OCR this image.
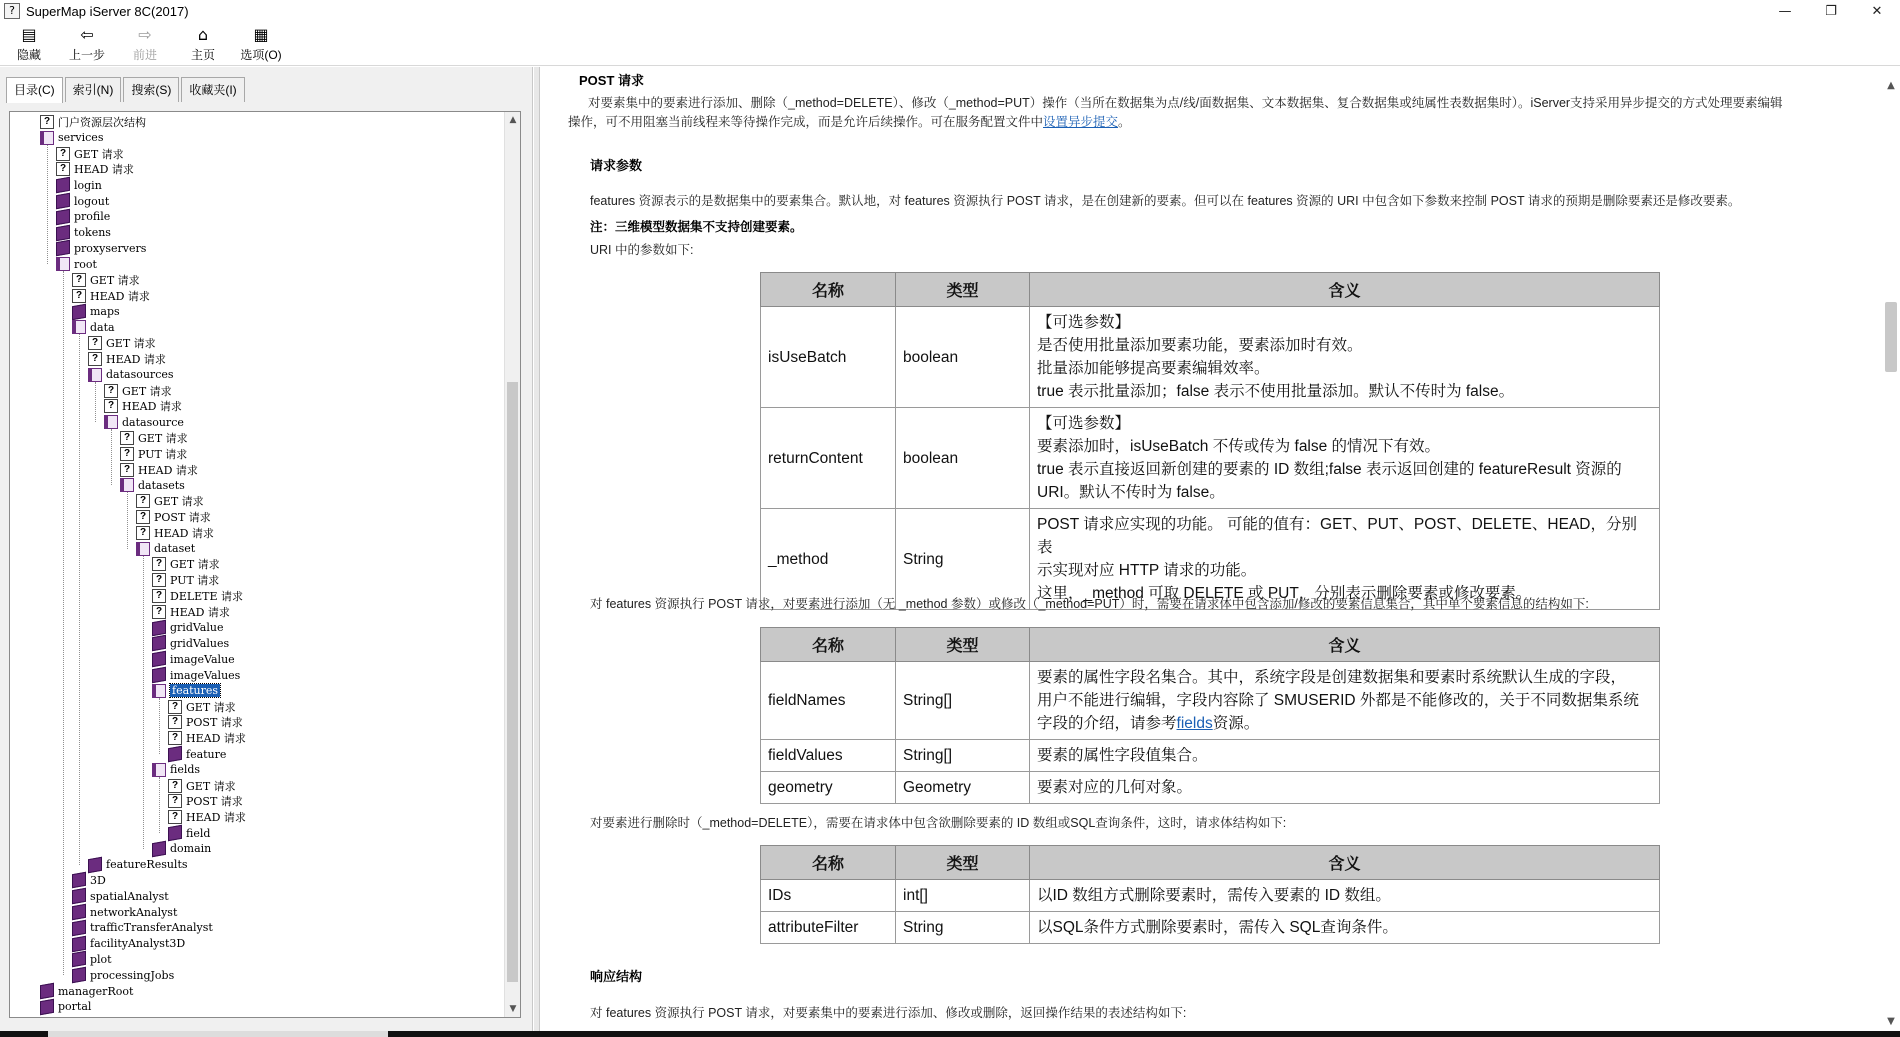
? SuperMap iServer 8C(2017)	—	❐	✕
▤
隐藏
⇦
上一步
⇨
前进
⌂
主页
▦
选项(O)
目录(C)	索引(N)	搜索(S)	收藏夹(I)
? 门户资源层次结构
services
? GET 请求
? HEAD 请求
login
logout
profile
tokens
proxyservers
root
? GET 请求
? HEAD 请求
maps
data
? GET 请求
? HEAD 请求
datasources
? GET 请求
? HEAD 请求
datasource
? GET 请求
? PUT 请求
? HEAD 请求
datasets
? GET 请求
? POST 请求
? HEAD 请求
dataset
? GET 请求
? PUT 请求
? DELETE 请求
? HEAD 请求
gridValue
gridValues
imageValue
imageValues
features
? GET 请求
? POST 请求
? HEAD 请求
feature
fields
? GET 请求
? POST 请求
? HEAD 请求
field
domain
featureResults
3D
spatialAnalyst
networkAnalyst
trafficTransferAnalyst
facilityAnalyst3D
plot
processingJobs
managerRoot
portal
▲
▼
POST 请求
对要素集中的要素进行添加、删除（_method=DELETE）、修改（_method=PUT）操作（当所在数据集为点/线/面数据集、文本数据集、复合数据集或纯属性表数据集时）。iServer支持采用异步提交的方式处理要素编辑
操作，可不用阻塞当前线程来等待操作完成，而是允许后续操作。可在服务配置文件中设置异步提交。
请求参数
features 资源表示的是数据集中的要素集合。默认地，对 features 资源执行 POST 请求，是在创建新的要素。但可以在 features 资源的 URI 中包含如下参数来控制 POST 请求的预期是删除要素还是修改要素。
注：三维模型数据集不支持创建要素。
URI 中的参数如下:
名称	类型	含义
isUseBatch	boolean	【可选参数】
是否使用批量添加要素功能，要素添加时有效。
批量添加能够提高要素编辑效率。
true 表示批量添加；false 表示不使用批量添加。默认不传时为 false。

returnContent	boolean	【可选参数】
要素添加时，isUseBatch 不传或传为 false 的情况下有效。
true 表示直接返回新创建的要素的 ID 数组;false 表示返回创建的 featureResult 资源的
URI。默认不传时为 false。

_method	String	POST 请求应实现的功能。 可能的值有：GET、PUT、POST、DELETE、HEAD，分别表
示实现对应 HTTP 请求的功能。
这里，_method 可取 DELETE 或 PUT，分别表示删除要素或修改要素。
对 features 资源执行 POST 请求，对要素进行添加（无 _method 参数）或修改（_method=PUT）时，需要在请求体中包含添加/修改的要素信息集合，其中单个要素信息的结构如下:
名称	类型	含义
fieldNames	String[]	要素的属性字段名集合。其中，系统字段是创建数据集和要素时系统默认生成的字段，
用户不能进行编辑，字段内容除了 SMUSERID 外都是不能修改的，关于不同数据集系统
字段的介绍，请参考fields资源。

fieldValues	String[]	要素的属性字段值集合。
geometry	Geometry	要素对应的几何对象。
对要素进行删除时（_method=DELETE），需要在请求体中包含欲删除要素的 ID 数组或SQL查询条件，这时，请求体结构如下:
名称	类型	含义
IDs	int[]	以ID 数组方式删除要素时，需传入要素的 ID 数组。
attributeFilter	String	以SQL条件方式删除要素时，需传入 SQL查询条件。
响应结构
对 features 资源执行 POST 请求，对要素集中的要素进行添加、修改或删除，返回操作结果的表述结构如下:
▲
▼
